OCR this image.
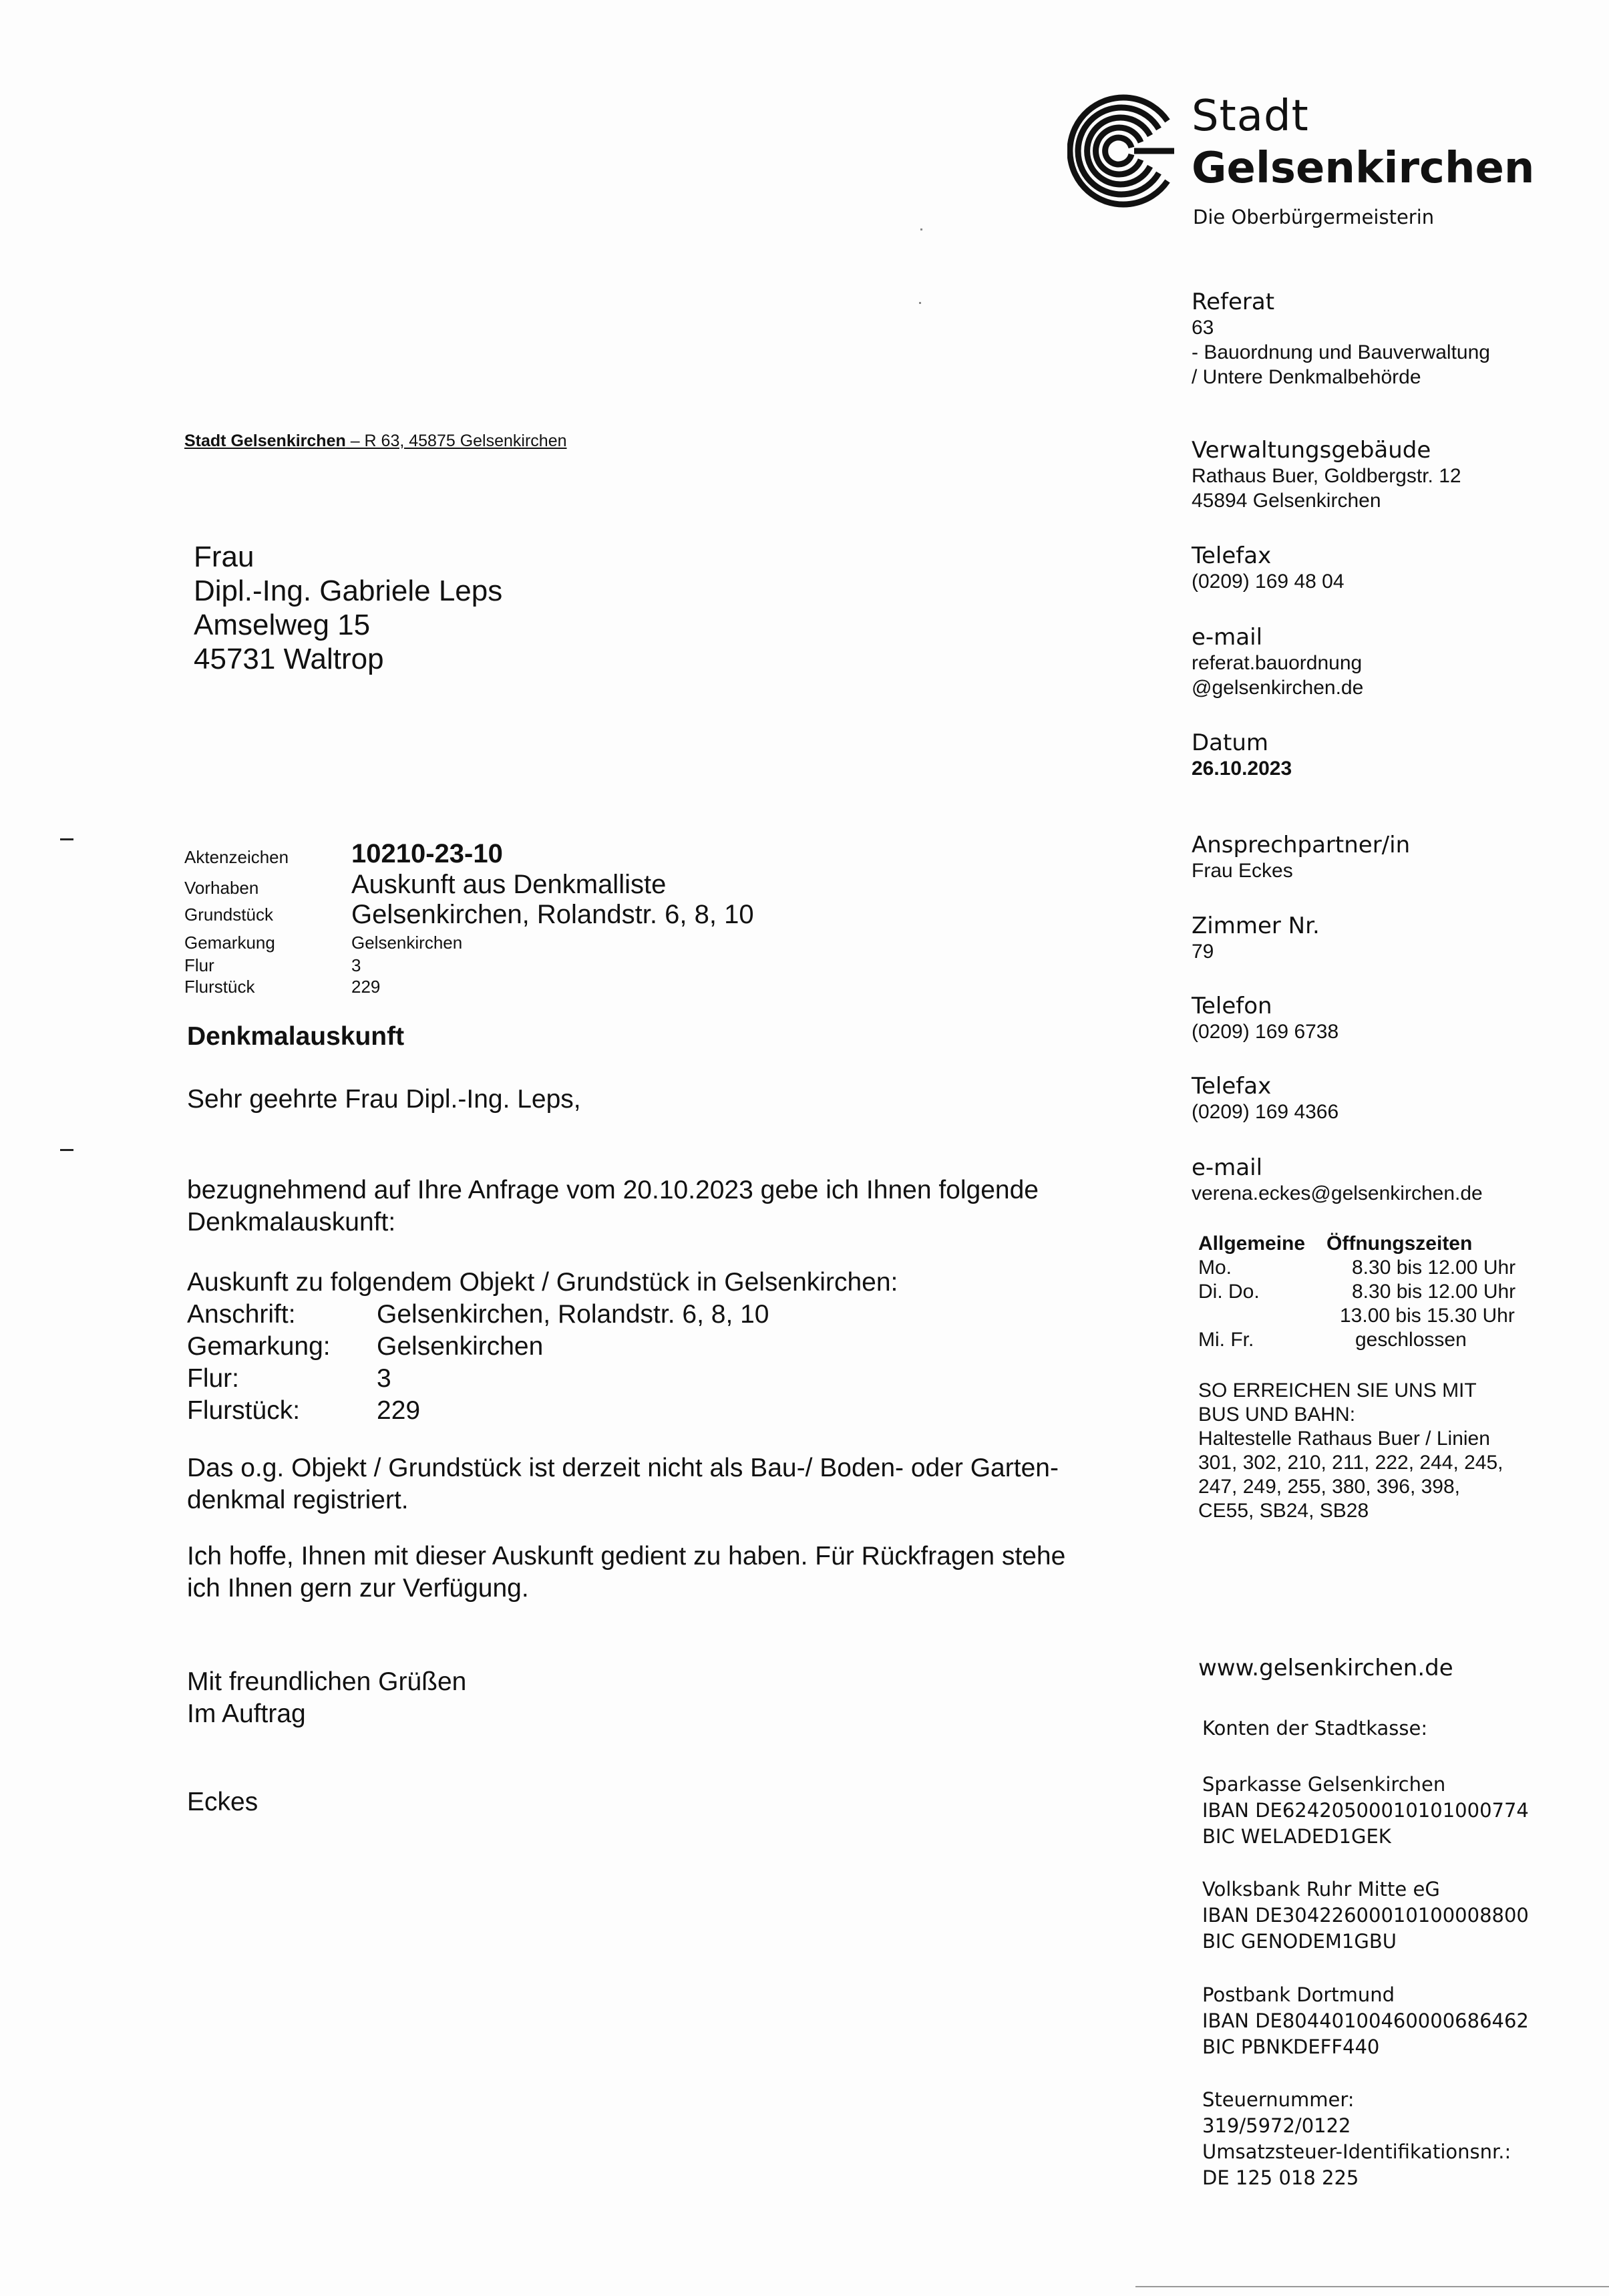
Stadt
Gelsenkirchen
Die Oberbürgermeisterin
Referat
63
- Bauordnung und Bauverwaltung
/ Untere Denkmalbehörde
Verwaltungsgebäude
Rathaus Buer, Goldbergstr. 12
45894 Gelsenkirchen
Telefax
(0209) 169 48 04
e-mail
referat.bauordnung
@gelsenkirchen.de
Datum
26.10.2023
Ansprechpartner/in
Frau Eckes
Zimmer Nr.
79
Telefon
(0209) 169 6738
Telefax
(0209) 169 4366
e-mail
verena.eckes@gelsenkirchen.de
Allgemeine Öffnungszeiten
Mo.	8.30 bis 12.00 Uhr
Di. Do.	8.30 bis 12.00 Uhr
13.00 bis 15.30 Uhr
Mi. Fr.	geschlossen
SO ERREICHEN SIE UNS MIT
BUS UND BAHN:
Haltestelle Rathaus Buer / Linien
301, 302, 210, 211, 222, 244, 245,
247, 249, 255, 380, 396, 398,
CE55, SB24, SB28
www.gelsenkirchen.de
Konten der Stadtkasse:
Sparkasse Gelsenkirchen
IBAN DE62420500010101000774
BIC WELADED1GEK
Volksbank Ruhr Mitte eG
IBAN DE30422600010100008800
BIC GENODEM1GBU
Postbank Dortmund
IBAN DE80440100460000686462
BIC PBNKDEFF440
Steuernummer:
319/5972/0122
Umsatzsteuer-Identifikationsnr.:
DE 125 018 225
Stadt Gelsenkirchen – R 63, 45875 Gelsenkirchen
Frau
Dipl.-Ing. Gabriele Leps
Amselweg 15
45731 Waltrop
Aktenzeichen 10210-23-10
Vorhaben	Auskunft aus Denkmalliste
Grundstück	Gelsenkirchen, Rolandstr. 6, 8, 10
Gemarkung	Gelsenkirchen
Flur	3
Flurstück	229
Denkmalauskunft
Sehr geehrte Frau Dipl.-Ing. Leps,
bezugnehmend auf Ihre Anfrage vom 20.10.2023 gebe ich Ihnen folgende
Denkmalauskunft:
Auskunft zu folgendem Objekt / Grundstück in Gelsenkirchen:
Anschrift:	Gelsenkirchen, Rolandstr. 6, 8, 10
Gemarkung: Gelsenkirchen
Flur:	3
Flurstück:	229
Das o.g. Objekt / Grundstück ist derzeit nicht als Bau-/ Boden- oder Garten-
denkmal registriert.
Ich hoffe, Ihnen mit dieser Auskunft gedient zu haben. Für Rückfragen stehe
ich Ihnen gern zur Verfügung.
Mit freundlichen Grüßen
Im Auftrag
Eckes
